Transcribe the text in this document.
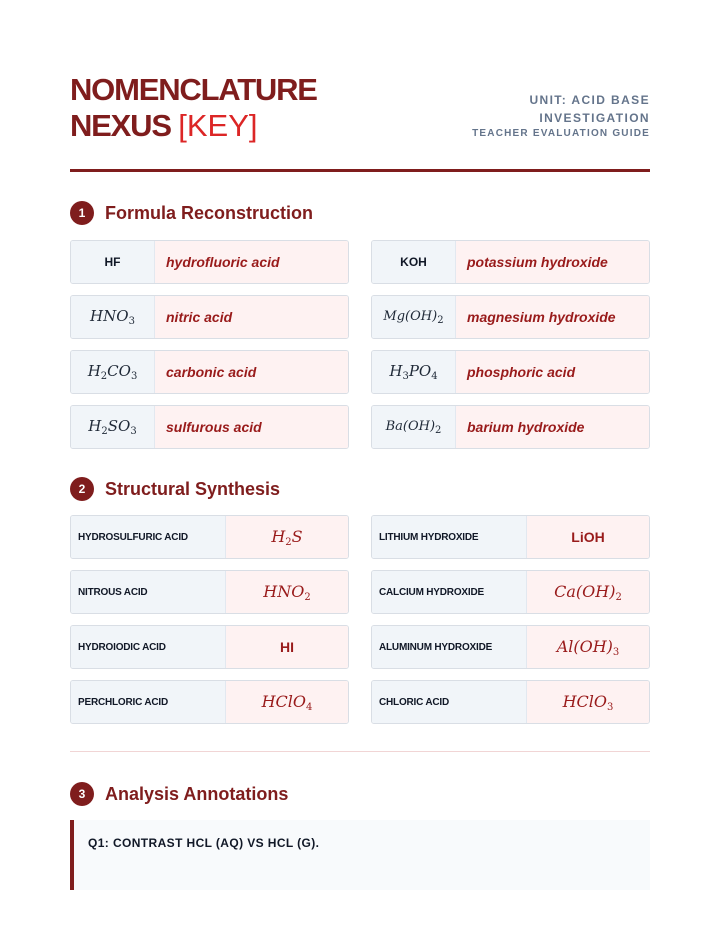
NOMENCLATURE
NEXUS [KEY]
UNIT: ACID BASE
INVESTIGATION
TEACHER EVALUATION GUIDE
1	Formula Reconstruction
HF	hydrofluoric acid	KOH	potassium hydroxide
$HNO_3$ nitric acid	$Mg(OH)_2$ magnesium hydroxide
$H_2CO_3$ carbonic acid	$H_3PO_4$ phosphoric acid
$H_2SO_3$ sulfurous acid	$Ba(OH)_2$ barium hydroxide
2	Structural Synthesis
HYDROSULFURIC ACID	$H_2S$	LITHIUM HYDROXIDE	LiOH
NITROUS ACID	$HNO_2$	CALCIUM HYDROXIDE	$Ca(OH)_2$
HYDROIODIC ACID	HI	ALUMINUM HYDROXIDE	$Al(OH)_3$
PERCHLORIC ACID	HClO$_4$	CHLORIC ACID	HClO$_3$
3	Analysis Annotations
Q1: CONTRAST HCL (AQ) VS HCL (G).
